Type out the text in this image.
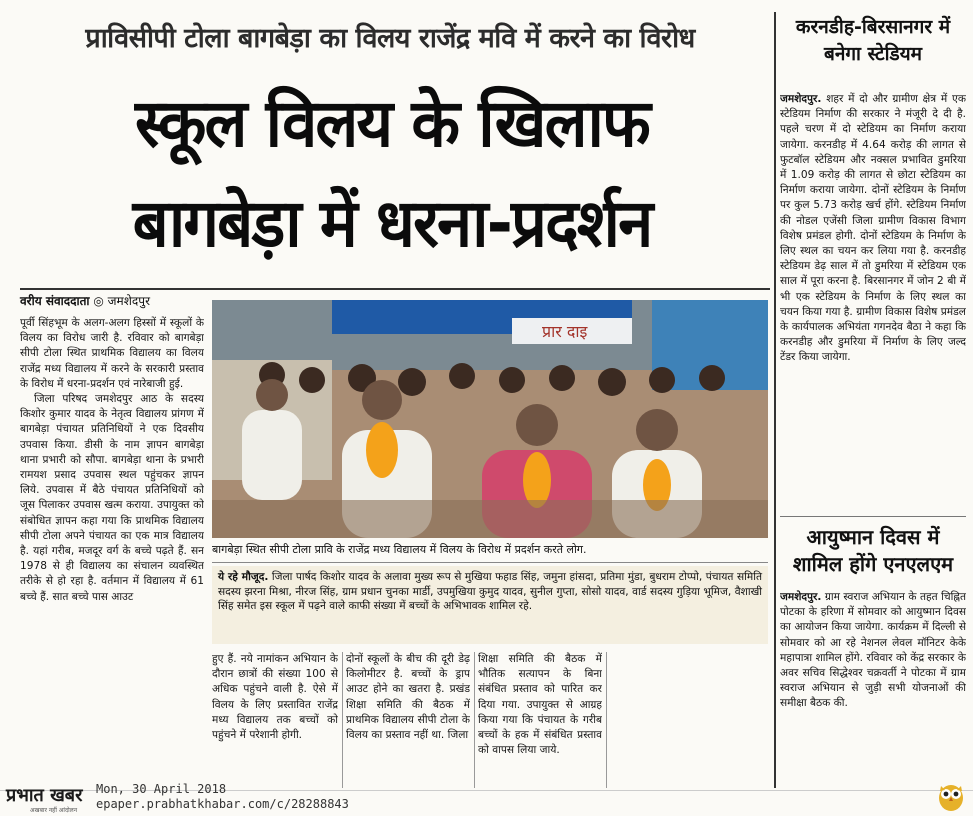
प्राविसीपी टोला बागबेड़ा का विलय राजेंद्र मवि में करने का विरोध
स्कूल विलय के खिलाफ
बागबेड़ा में धरना-प्रदर्शन
वरीय संवाददाता ◎ जमशेदपुर

पूर्वी सिंहभूम के अलग-अलग हिस्सों में स्कूलों के विलय का विरोध जारी है. रविवार को बागबेड़ा सीपी टोला स्थित प्राथमिक विद्यालय का विलय राजेंद्र मध्य विद्यालय में करने के सरकारी प्रस्ताव के विरोध में धरना-प्रदर्शन एवं नारेबाजी हुई.

जिला परिषद जमशेदपुर आठ के सदस्य किशोर कुमार यादव के नेतृत्व विद्यालय प्रांगण में बागबेड़ा पंचायत प्रतिनिधियों ने एक दिवसीय उपवास किया. डीसी के नाम ज्ञापन बागबेड़ा थाना प्रभारी को सौपा. बागबेड़ा थाना के प्रभारी रामयश प्रसाद उपवास स्थल पहुंचकर ज्ञापन लिये. उपवास में बैठे पंचायत प्रतिनिधियों को जूस पिलाकर उपवास खत्म कराया. उपायुक्त को संबोधित ज्ञापन कहा गया कि प्राथमिक विद्यालय सीपी टोला अपने पंचायत का एक मात्र विद्यालय है. यहां गरीब, मजदूर वर्ग के बच्चे पढ़ते हैं. सन 1978 से ही विद्यालय का संचालन व्यवस्थित तरीके से हो रहा है. वर्तमान में विद्यालय में 61 बच्चे हैं. सात बच्चे पास आउट

प्रार दाइ
बागबेड़ा स्थित सीपी टोला प्रावि के राजेंद्र मध्य विद्यालय में विलय के विरोध में प्रदर्शन करते लोग.
ये रहे मौजूद. जिला पार्षद किशोर यादव के अलावा मुख्य रूप से मुखिया फहाड सिंह, जमुना हांसदा, प्रतिमा मुंडा, बुधराम टोप्पो, पंचायत समिति सदस्य झरना मिश्रा, नीरज सिंह, ग्राम प्रधान चुनका मार्डी, उपमुखिया कुमुद यादव, सुनील गुप्ता, सोसो यादव, वार्ड सदस्य गुड़िया भूमिज, वैशाखी सिंह समेत इस स्कूल में पढ़ने वाले काफी संख्या में बच्चों के अभिभावक शामिल रहे.
हुए हैं. नये नामांकन अभियान के दौरान छात्रों की संख्या 100 से अधिक पहुंचने वाली है. ऐसे में विलय के लिए प्रस्तावित राजेंद्र मध्य विद्यालय तक बच्चों को पहुंचने में परेशानी होगी.
दोनों स्कूलों के बीच की दूरी डेढ़ किलोमीटर है. बच्चों के ड्राप आउट होने का खतरा है. प्रखंड शिक्षा समिति की बैठक में प्राथमिक विद्यालय सीपी टोला के विलय का प्रस्ताव नहीं था. जिला
शिक्षा समिति की बैठक में भौतिक सत्यापन के बिना संबंधित प्रस्ताव को पारित कर दिया गया. उपायुक्त से आग्रह किया गया कि पंचायत के गरीब बच्चों के हक में संबंधित प्रस्ताव को वापस लिया जाये.
करनडीह-बिरसानगर में बनेगा स्टेडियम
जमशेदपुर. शहर में दो और ग्रामीण क्षेत्र में एक स्टेडियम निर्माण की सरकार ने मंजूरी दे दी है. पहले चरण में दो स्टेडियम का निर्माण कराया जायेगा. करनडीह में 4.64 करोड़ की लागत से फुटबॉल स्टेडियम और नक्सल प्रभावित डुमरिया में 1.09 करोड़ की लागत से छोटा स्टेडियम का निर्माण कराया जायेगा. दोनों स्टेडियम के निर्माण पर कुल 5.73 करोड़ खर्च होंगे. स्टेडियम निर्माण की नोडल एजेंसी जिला ग्रामीण विकास विभाग विशेष प्रमंडल होगी. दोनों स्टेडियम के निर्माण के लिए स्थल का चयन कर लिया गया है. करनडीह स्टेडियम डेढ़ साल में तो डुमरिया में स्टेडियम एक साल में पूरा करना है. बिरसानगर में जोन 2 बी में भी एक स्टेडियम के निर्माण के लिए स्थल का चयन किया गया है. ग्रामीण विकास विशेष प्रमंडल के कार्यपालक अभियंता गगनदेव बैठा ने कहा कि करनडीह और डुमरिया में निर्माण के लिए जल्द टेंडर किया जायेगा.
आयुष्मान दिवस में शामिल होंगे एनएलएम
जमशेदपुर. ग्राम स्वराज अभियान के तहत चिह्नित पोटका के हरिणा में सोमवार को आयुष्मान दिवस का आयोजन किया जायेगा. कार्यक्रम में दिल्ली से सोमवार को आ रहे नेशनल लेवल मॉनिटर केके महापात्रा शामिल होंगे. रविवार को केंद्र सरकार के अवर सचिव सिद्धेश्वर चक्रवर्ती ने पोटका में ग्राम स्वराज अभियान से जुड़ी सभी योजनाओं की समीक्षा बैठक की.
प्रभात खबर
अखबार नहीं आंदोलन
Mon, 30 April 2018
epaper.prabhatkhabar.com/c/28288843
